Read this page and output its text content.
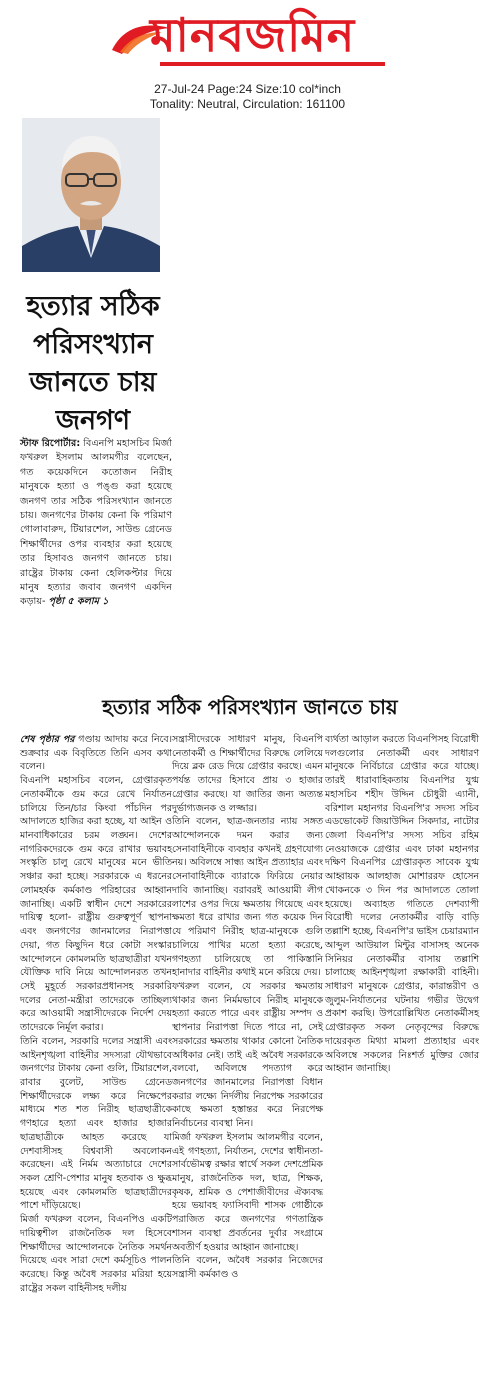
মানবজমিন
27-Jul-24 Page:24 Size:10 col*inch
Tonality: Neutral, Circulation: 161100
হত্যার সঠিক পরিসংখ্যান জানতে চায় জনগণ
স্টাফ রিপোর্টার: বিএনপি মহাসচিব মির্জা ফখরুল ইসলাম আলমগীর বলেছেন, গত কয়েকদিনে কতোজন নিরীহ মানুষকে হত্যা ও পঙ্গু করা হয়েছে জনগণ তার সঠিক পরিসংখ্যান জানতে চায়। জনগণের টাকায় কেনা কি পরিমাণ গোলাবারুদ, টিয়ারশেল, সাউন্ড গ্রেনেড শিক্ষার্থীদের ওপর ব্যবহার করা হয়েছে তার হিসাবও জনগণ জানতে চায়। রাষ্ট্রের টাকায় কেনা হেলিকপ্টার দিয়ে মানুষ হত্যার জবাব জনগণ একদিন কড়ায়- পৃষ্ঠা ৫ কলাম ১
হত্যার সঠিক পরিসংখ্যান জানতে চায়

শেষ পৃষ্ঠার পর গণ্ডায় আদায় করে নিবে। শুক্রবার এক বিবৃতিতে তিনি এসব কথা বলেন।

বিএনপি মহাসচিব বলেন, গ্রেপ্তারকৃত নেতাকর্মীকে গুম করে রেখে নির্যাতন চালিয়ে তিন/চার কিংবা পাঁচদিন পর আদালতে হাজির করা হচ্ছে, যা আইন ও মানবাধিকারের চরম লঙ্ঘন। দেশের নাগরিকদেরকে গুম করে রাখার ভয়াবহ সংস্কৃতি চালু রেখে মানুষের মনে ভীতি সঞ্চার করা হচ্ছে। সরকারকে এ ধরনের লোমহর্ষক কর্মকাণ্ড পরিহারের আহ্বান জানাচ্ছি। একটি স্বাধীন দেশে সরকারের দায়িত্ব হলো- রাষ্ট্রীয় গুরুত্বপূর্ণ স্থাপনা এবং জনগণের জানমালের নিরাপত্তা দেয়া, গত কিছুদিন ধরে কোটা সংস্কার আন্দোলনে কোমলমতি ছাত্রছাত্রীরা যখন যৌক্তিক দাবি নিয়ে আন্দোলনরত তখন সেই মুহূর্তে সরকারপ্রধানসহ সরকারি দলের নেতা-মন্ত্রীরা তাদেরকে তাচ্ছিল্য করে আওয়ামী সন্ত্রাসীদেরকে নির্দেশ দেয় তাদেরকে নির্মূল করার।

তিনি বলেন, সরকারি দলের সন্ত্রাসী এবং আইনশৃঙ্খলা বাহিনীর সদস্যরা যৌথভাবে জনগণের টাকায় কেনা গুলি, টিয়ারশেল, রাবার বুলেট, সাউন্ড গ্রেনেড শিক্ষার্থীদেরকে লক্ষ্য করে নিক্ষেপের মাধ্যমে শত শত নিরীহ ছাত্রছাত্রীকে গণহারে হত্যা এবং হাজার হাজার ছাত্রছাত্রীকে আহত করেছে যা দেশবাসীসহ বিশ্ববাসী অবলোকন করেছেন। এই নির্মম অত্যাচারে দেশের সকল শ্রেণি-পেশার মানুষ হতবাক ও ক্ষুব্ধ হয়েছে এবং কোমলমতি ছাত্রছাত্রীদের পাশে দাঁড়িয়েছে।

মির্জা ফখরুল বলেন, বিএনপিও একটি দায়িত্বশীল রাজনৈতিক দল হিসেবে শিক্ষার্থীদের আন্দোলনকে নৈতিক সমর্থন দিয়েছে এবং সারা দেশে কর্মসূচিও পালন করেছে। কিন্তু অবৈধ সরকার মরিয়া হয়ে রাষ্ট্রের সকল বাহিনীসহ দলীয়

সন্ত্রাসীদেরকে সাধারণ মানুষ, বিএনপি নেতাকর্মী ও শিক্ষার্থীদের বিরুদ্ধে লেলিয়ে দিয়ে ব্লক রেড দিয়ে গ্রেপ্তার করছে। এমন পর্যন্ত তাদের হিসাবে প্রায় ৩ হাজার গ্রেপ্তার করছে। যা জাতির জন্য অত্যন্ত দুর্ভাগ্যজনক ও লজ্জার।

তিনি বলেন, ছাত্র-জনতার ন্যায় সঙ্গত আন্দোলনকে দমন করার জন্য সেনাবাহিনীকে ব্যবহার কখনই গ্রহণযোগ্য নয়। অবিলম্বে সান্ধ্য আইন প্রত্যাহার এবং সেনাবাহিনীকে ব্যারাকে ফিরিয়ে নেয়ার দাবি জানাচ্ছি। বরাবরই আওয়ামী লীগ লাশের ওপর দিয়ে ক্ষমতায় গিয়েছে এবং ক্ষমতা ধরে রাখার জন্য গত কয়েক দিন যে পরিমাণ নিরীহ ছাত্র-মানুষকে গুলি চালিয়ে পাখির মতো হত্যা করেছে, গণহত্যা চালিয়েছে তা পাকিস্তানি হানাদার বাহিনীর কথাই মনে করিয়ে দেয়।

ফখরুল বলেন, যে সরকার ক্ষমতায় থাকার জন্য নির্মমভাবে নিরীহ মানুষকে হত্যা করতে পারে এবং রাষ্ট্রীয় সম্পদ ও স্থাপনার নিরাপত্তা দিতে পারে না, সেই সরকারের ক্ষমতায় থাকার কোনো নৈতিক অধিকার নেই। তাই এই অবৈধ সরকারকে বলবো, অবিলম্বে পদত্যাগ করে জনগণের জানমালের নিরাপত্তা বিধান করার লক্ষ্যে নির্দলীয় নিরপেক্ষ সরকারের কাছে ক্ষমতা হস্তান্তর করে নিরপেক্ষ নির্বাচনের ব্যবস্থা নিন।

মির্জা ফখরুল ইসলাম আলমগীর বলেন, এই গণহত্যা, নির্যাতন, দেশের স্বাধীনতা-সার্বভৌমত্ব রক্ষার স্বার্থে সকল দেশপ্রেমিক মানুষ, রাজনৈতিক দল, ছাত্র, শিক্ষক, কৃষক, শ্রমিক ও পেশাজীবীদের ঐক্যবদ্ধ হয়ে ভয়াবহ ফ্যাসিবাদী শাসক গোষ্ঠীকে পরাজিত করে জনগণের গণতান্ত্রিক শাসন ব্যবস্থা প্রবর্তনের দুর্বার সংগ্রামে অবতীর্ণ হওয়ার আহ্বান জানাচ্ছে।

তিনি বলেন, অবৈধ সরকার নিজেদের সন্ত্রাসী কর্মকাণ্ড ও

ব্যর্থতা আড়াল করতে বিএনপিসহ বিরোধী দলগুলোর নেতাকর্মী এবং সাধারণ মানুষকে নির্বিচারে গ্রেপ্তার করে যাচ্ছে। তারই ধারাবাহিকতায় বিএনপির যুগ্ম মহাসচিব শহীদ উদ্দিন চৌধুরী এ্যানী, বরিশাল মহানগর বিএনপি'র সদস্য সচিব এডভোকেট জিয়াউদ্দিন সিকদার, নাটোর জেলা বিএনপি'র সদস্য সচিব রহিম নেওয়াজকে গ্রেপ্তার এবং ঢাকা মহানগর দক্ষিণ বিএনপির গ্রেপ্তারকৃত সাবেক যুগ্ম আহ্বায়ক আলহাজ মোশাররফ হোসেন খোকনকে ৩ দিন পর আদালতে তোলা হয়েছে। অব্যাহত গতিতে দেশব্যাপী বিরোধী দলের নেতাকর্মীর বাড়ি বাড়ি তল্লাশি হচ্ছে, বিএনপি'র ভাইস চেয়ারম্যান আব্দুল আউয়াল মিন্টুর বাসাসহ অনেক সিনিয়র নেতাকর্মীর বাসায় তল্লাশি চালাচ্ছে আইনশৃঙ্খলা রক্ষাকারী বাহিনী। সাধারণ মানুষকে গ্রেপ্তার, কারান্তরীণ ও জুলুম-নির্যাতনের ঘটনায় গভীর উদ্বেগ প্রকাশ করছি। উপরোল্লিখিত নেতাকর্মীসহ গ্রেপ্তারকৃত সকল নেতৃবৃন্দের বিরুদ্ধে দায়েরকৃত মিথ্যা মামলা প্রত্যাহার এবং অবিলম্বে সকলের নিঃশর্ত মুক্তির জোর আহ্বান জানাচ্ছি।
